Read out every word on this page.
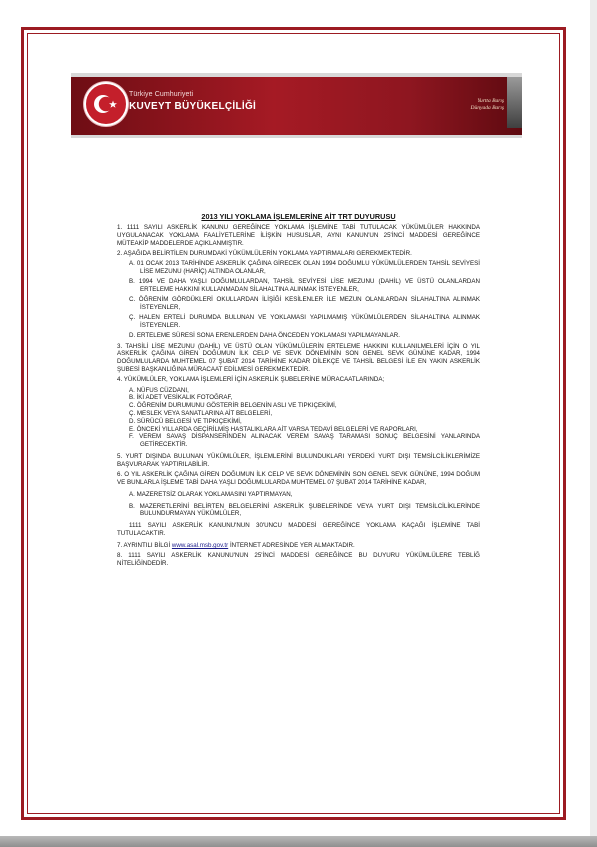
Türkiye Cumhuriyeti
KUVEYT BÜYÜKELÇİLİĞİ	Yurtta Barış
Dünyada Barış
2013 YILI YOKLAMA İŞLEMLERİNE AİT TRT DUYURUSU

1. 1111 SAYILI ASKERLİK KANUNU GEREĞİNCE YOKLAMA İŞLEMİNE TABİ TUTULACAK YÜKÜMLÜLER HAKKINDA UYGULANACAK YOKLAMA FAALİYETLERİNE İLİŞKİN HUSUSLAR, AYNI KANUN'UN 25'İNCİ MADDESİ GEREĞİNCE MÜTEAKİP MADDELERDE AÇIKLANMIŞTIR.

2. AŞAĞIDA BELİRTİLEN DURUMDAKİ YÜKÜMLÜLERİN YOKLAMA YAPTIRMALARI GEREKMEKTEDİR.

A. 01 OCAK 2013 TARİHİNDE ASKERLİK ÇAĞINA GİRECEK OLAN 1994 DOĞUMLU YÜKÜMLÜLERDEN TAHSİL SEVİYESİ LİSE MEZUNU (HARİÇ) ALTINDA OLANLAR,

B. 1994 VE DAHA YAŞLI DOĞUMLULARDAN, TAHSİL SEVİYESİ LİSE MEZUNU (DAHİL) VE ÜSTÜ OLANLARDAN ERTELEME HAKKINI KULLANMADAN SİLAHALTINA ALINMAK İSTEYENLER,

C. ÖĞRENİM GÖRDÜKLERİ OKULLARDAN İLİŞİĞİ KESİLENLER İLE MEZUN OLANLARDAN SİLAHALTINA ALINMAK İSTEYENLER,

Ç. HALEN ERTELİ DURUMDA BULUNAN VE YOKLAMASI YAPILMAMIŞ YÜKÜMLÜLERDEN SİLAHALTINA ALINMAK İSTEYENLER.

D. ERTELEME SÜRESİ SONA ERENLERDEN DAHA ÖNCEDEN YOKLAMASI YAPILMAYANLAR.

3. TAHSİLİ LİSE MEZUNU (DAHİL) VE ÜSTÜ OLAN YÜKÜMLÜLERİN ERTELEME HAKKINI KULLANILMELERİ İÇİN O YIL ASKERLİK ÇAĞINA GİREN DOĞUMUN İLK CELP VE SEVK DÖNEMİNİN SON GENEL SEVK GÜNÜNE KADAR, 1994 DOĞUMLULARDA MUHTEMEL 07 ŞUBAT 2014 TARİHİNE KADAR DİLEKÇE VE TAHSİL BELGESİ İLE EN YAKIN ASKERLİK ŞUBESİ BAŞKANLIĞINA MÜRACAAT EDİLMESİ GEREKMEKTEDİR.

4. YÜKÜMLÜLER, YOKLAMA İŞLEMLERİ İÇİN ASKERLİK ŞUBELERİNE MÜRACAATLARINDA;

A. NÜFUS CÜZDANI,

B. İKİ ADET VESİKALIK FOTOĞRAF,

C. ÖĞRENİM DURUMUNU GÖSTERİR BELGENİN ASLI VE TIPKIÇEKİMİ,

Ç. MESLEK VEYA SANATLARINA AİT BELGELERİ,

D. SÜRÜCÜ BELGESİ VE TIPKIÇEKİMİ,

E. ÖNCEKİ YILLARDA GEÇİRİLMİŞ HASTALIKLARA AİT VARSA TEDAVİ BELGELERİ VE RAPORLARI,

F. VEREM SAVAŞ DİSPANSERİNDEN ALINACAK VEREM SAVAŞ TARAMASI SONUÇ BELGESİNİ YANLARINDA GETİRECEKTİR.

5. YURT DIŞINDA BULUNAN YÜKÜMLÜLER, İŞLEMLERİNİ BULUNDUKLARI YERDEKİ YURT DIŞI TEMSİLCİLİKLERİMİZE BAŞVURARAK YAPTIRILABİLİR.

6. O YIL ASKERLİK ÇAĞINA GİREN DOĞUMUN İLK CELP VE SEVK DÖNEMİNİN SON GENEL SEVK GÜNÜNE, 1994 DOĞUM VE BUNLARLA İŞLEME TABİ DAHA YAŞLI DOĞUMLULARDA MUHTEMEL 07 ŞUBAT 2014 TARİHİNE KADAR,

A. MAZERETSİZ OLARAK YOKLAMASINI YAPTIRMAYAN,

B. MAZERETLERİNİ BELİRTEN BELGELERİNİ ASKERLİK ŞUBELERİNDE VEYA YURT DIŞI TEMSİLCİLİKLERİNDE BULUNDURMAYAN YÜKÜMLÜLER,

1111 SAYILI ASKERLİK KANUNU'NUN 30'UNCU MADDESİ GEREĞİNCE YOKLAMA KAÇAĞI İŞLEMİNE TABİ TUTULACAKTIR.

7. AYRINTILI BİLGİ www.asal.msb.gov.tr İNTERNET ADRESİNDE YER ALMAKTADIR.

8. 1111 SAYILI ASKERLİK KANUNU'NUN 25'İNCİ MADDESİ GEREĞİNCE BU DUYURU YÜKÜMLÜLERE TEBLİĞ NİTELİĞİNDEDİR.
